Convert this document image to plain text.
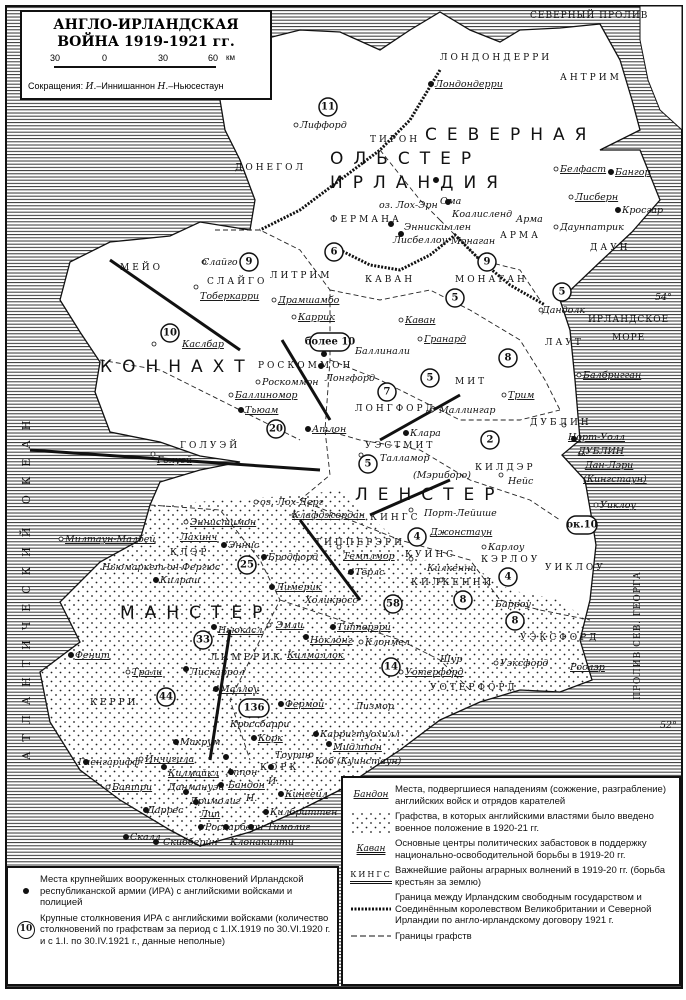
11
6
9	9
5
5
10
более 10
7
5
20
8
5
2
ок.10
4
4
8
8
25
58
33
14
44
136
СЕВЕРНАЯ
ОЛЬСТЕР
ИРЛАНДИЯ
КОННАХТ
ЛЕНСТЕР
МАНСТЕР
АТЛАНТИЧЕСКИЙ ОКЕАН
ИРЛАНДСКОЕ
МОРЕ
СЕВЕРНЫЙ ПРОЛИВ
ПРОЛИВ СЕВ. ГЕОРГА
54°
52°
ДОНЕГОЛ
ЛОНДОНДЕРРИ
АНТРИМ
ТИРОН
ФЕРМАНА
АРМА
ДАУН
МОНАГАН
КАВАН
ЛИТРИМ
СЛАЙГО
МЕЙО
РОСКОММОН
ЛОНГФОРД
ГОЛУЭЙ	УЭСТМИТ
МИТ
ЛАУТ
ДУБЛИН
КИНГС
КИЛДЭР
УИКЛОУ
КУИНС	КЭРЛОУ
КИЛКЕННИ
УЭКСФОРД
УОТЕРФОРД
ТИППЕРЭРИ
КЛЭР
ЛИМЕРИК
КЕРРИ
КОРК
Лондондерри
Лиффорд
Ома
Коалисленд
Белфаст Бангор
Лисберн
Кросгар
Даунпатрик
Арма
Монаган
Эннискиллен
Лисбеллоу
оз. Лох-Эрн
Слайго
Тоберкарри Драмшамбо
Каррик	Каван
Гранард
Баллинали
Лонгфорд
Роскоммон
Баллиномор
Тьюам
Атлон	Клара
Талламор
Маллингар
Трим
Дандолк
Балбригган
Норт-Уолл
ДУБЛИН
Дан-Лэри
(Кингстаун)
Нейс
Уиклоу
Каслбар
Голуэй
Эннистимон
Лахинч
Милтаун-Малбей
Эннис
Ньюмаркет-он-Фергюс
Бродфорд
Килраш
Лимерик
Холикросс
Эмли	Типперэри
Ноклонг
Килмаллок
Ньюкасл
Фенит
Трали	Лискаррол
Маллоу
Фермой	Лизмор
Клонмел
Уотерфорд
Уэксфорд Рослэр
Карлоу
Килкенни
Джонстаун
Темплмор
Тёрлс
Клафджордан
оз. Лох-Дерг
Порт-Лейише
(Мэриборо)
Корк	Карригтуохилл
Мидлтон
Коб (Куинстаун)
Инчигила
Макрум
Гленгарифф
Килмайкл
Данмануэй
Бантри
Дримолиг
Бандон
Лип
Даррес
Скалл Скибберин
Роскарбери
Клонакилти
Тимолиг
Килбриттен
Кинсейл
Тоурин
Кроссбарри
Аппон
Н.
И.
Шур
Барроу
АНГЛО-ИРЛАНДСКАЯ
ВОЙНА 1919-1921 гг.
30	0	30	60 км
Сокращения: И.–Иннишаннон Н.–Ньюсестаун
Бандон Места, подвергшиеся нападениям (сожжение, разграбление) английских войск и отрядов карателей
Графства, в которых английскими властями было введено военное положение в 1920-21 гг.
Каван Основные центры политических забастовок в поддержку национально-освободительной борьбы в 1919-20 гг.
КИНГС Важнейшие районы аграрных волнений в 1919-20 гг. (борьба крестьян за землю)
Граница между Ирландским свободным государством и Соединённым королевством Великобритании и Северной Ирландии по англо-ирландскому договору 1921 г.
Границы графств
Места крупнейших вооруженных столкновений Ирландской республиканской армии (ИРА) с английскими войсками и полицией
10
Крупные столкновения ИРА с английскими войсками (количество столкновений по графствам за период с 1.IX.1919 по 30.VI.1920 г. и с 1.I. по 30.IV.1921 г., данные неполные)
